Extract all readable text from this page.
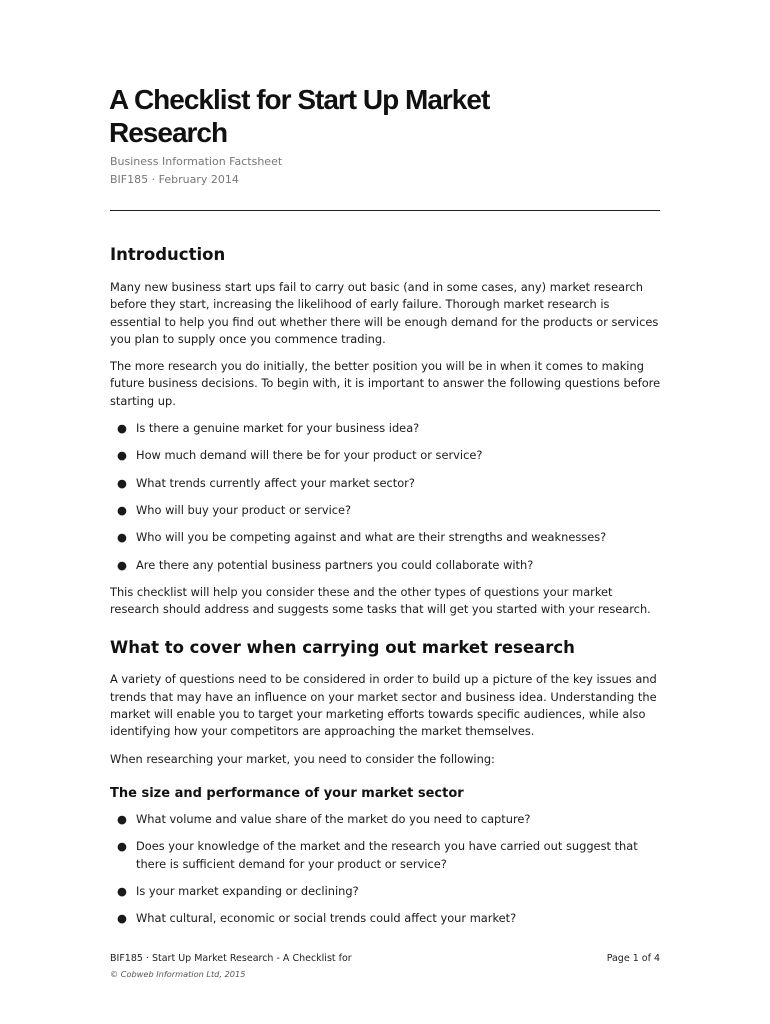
A Checklist for Start Up Market
Research
Business Information Factsheet
BIF185 · February 2014
Introduction

Many new business start ups fail to carry out basic (and in some cases, any) market research before they start, increasing the likelihood of early failure. Thorough market research is essential to help you find out whether there will be enough demand for the products or services you plan to supply once you commence trading.

The more research you do initially, the better position you will be in when it comes to making future business decisions. To begin with, it is important to answer the following questions before starting up.

● Is there a genuine market for your business idea?
● How much demand will there be for your product or service?
● What trends currently affect your market sector?
● Who will buy your product or service?
● Who will you be competing against and what are their strengths and weaknesses?
● Are there any potential business partners you could collaborate with?

This checklist will help you consider these and the other types of questions your market research should address and suggests some tasks that will get you started with your research.

What to cover when carrying out market research

A variety of questions need to be considered in order to build up a picture of the key issues and trends that may have an influence on your market sector and business idea. Understanding the market will enable you to target your marketing efforts towards specific audiences, while also identifying how your competitors are approaching the market themselves.

When researching your market, you need to consider the following:

The size and performance of your market sector
● What volume and value share of the market do you need to capture?
● Does your knowledge of the market and the research you have carried out suggest that there is sufficient demand for your product or service?
● Is your market expanding or declining?
● What cultural, economic or social trends could affect your market?
BIF185 · Start Up Market Research - A Checklist for	Page 1 of 4
© Cobweb Information Ltd, 2015
